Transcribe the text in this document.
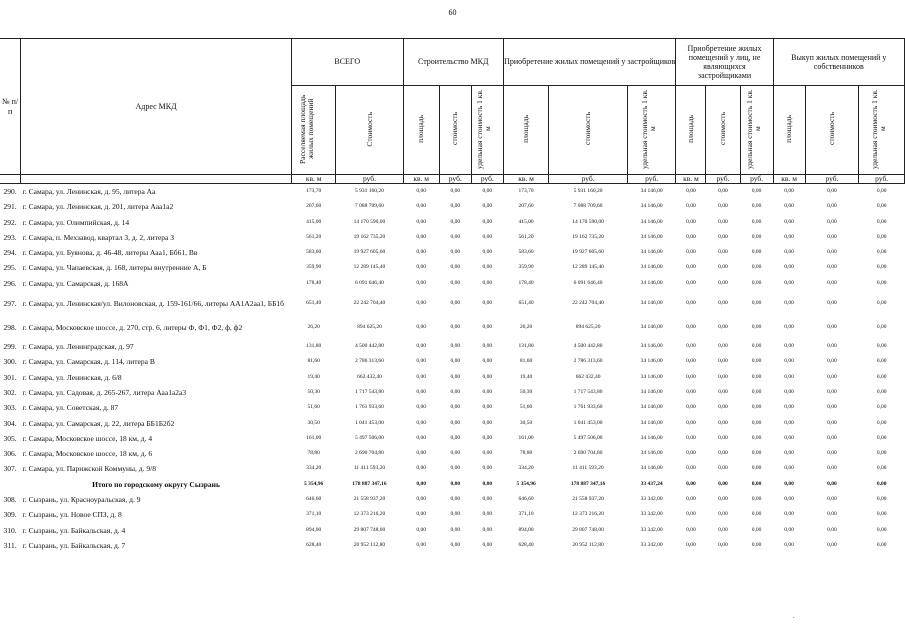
60
№ п/п	Адрес МКД	ВСЕГО		Строительство МКД			Приобретение жилых помещений у застройщиков			Приобретение жилых помещений у лиц, не являющихся застройщиками			Выкуп жилых помещений у собственников		
		Расселяемая площадь жилых помещений	Стоимость	площадь	стоимость	удельная стоимость 1 кв. м	площадь	стоимость	удельная стоимость 1 кв. м	площадь	стоимость	удельная стоимость 1 кв. м	площадь	стоимость	удельная стоимость 1 кв. м
		кв. м	руб.	кв. м	руб.	руб.	кв. м	руб.	руб.	кв. м	руб.	руб.	кв. м	руб.	руб.
290.	г. Самара, ул. Ленинская, д. 95, литера Аа	173,70	5 931 160,20	0,00	0,00	0,00	173,70	5 931 160,20	34 146,00	0,00	0,00	0,00	0,00	0,00	0,00
291.	г. Самара, ул. Ленинская, д. 201, литера Ааа1а2	207,60	7 088 709,60	0,00	0,00	0,00	207,60	7 088 709,60	34 146,00	0,00	0,00	0,00	0,00	0,00	0,00
292.	г. Самара, ул. Олимпийская, д. 14	415,00	14 170 590,00	0,00	0,00	0,00	415,00	14 170 590,00	34 146,00	0,00	0,00	0,00	0,00	0,00	0,00
293.	г. Самара, п. Мехзавод, квартал 3, д. 2, литера З	561,20	19 162 735,20	0,00	0,00	0,00	561,20	19 162 735,20	34 146,00	0,00	0,00	0,00	0,00	0,00	0,00
294.	г. Самара, ул. Буянова, д. 46-48, литеры Ааа1, Бб61, Вв	583,60	19 927 605,60	0,00	0,00	0,00	583,60	19 927 605,60	34 146,00	0,00	0,00	0,00	0,00	0,00	0,00
295.	г. Самара, ул. Чапаевская, д. 168, литеры внутренние А, Б	359,90	12 289 145,40	0,00	0,00	0,00	359,90	12 289 145,40	34 146,00	0,00	0,00	0,00	0,00	0,00	0,00
296.	г. Самара, ул. Самарская, д. 168А	178,40	6 091 646,40	0,00	0,00	0,00	178,40	6 091 646,40	34 146,00	0,00	0,00	0,00	0,00	0,00	0,00
297.	г. Самара, ул. Ленинская/ул. Вилоновская, д. 159-161/66, литеры АА1А2аа1, ББ1б	651,40	22 242 704,40	0,00	0,00	0,00	651,40	22 242 704,40	34 146,00	0,00	0,00	0,00	0,00	0,00	0,00
298.	г. Самара, Московское шоссе, д. 270, стр. 6, литеры Ф, Ф1, Ф2, ф, ф2	26,20	894 625,20	0,00	0,00	0,00	26,20	894 625,20	34 146,00	0,00	0,00	0,00	0,00	0,00	0,00
299.	г. Самара, ул. Ленинградская, д. 97	131,80	4 500 442,80	0,00	0,00	0,00	131,80	4 500 442,80	34 146,00	0,00	0,00	0,00	0,00	0,00	0,00
300.	г. Самара, ул. Самарская, д. 114, литера В	81,60	2 786 313,60	0,00	0,00	0,00	81,60	2 786 313,60	34 146,00	0,00	0,00	0,00	0,00	0,00	0,00
301.	г. Самара, ул. Ленинская, д. 6/8	19,40	662 432,40	0,00	0,00	0,00	19,40	662 432,40	34 146,00	0,00	0,00	0,00	0,00	0,00	0,00
302.	г. Самара, ул. Садовая, д. 265-267, литера Ааа1а2а3	50,30	1 717 543,80	0,00	0,00	0,00	50,30	1 717 543,80	34 146,00	0,00	0,00	0,00	0,00	0,00	0,00
303.	г. Самара, ул. Советская, д. 87	51,60	1 761 933,60	0,00	0,00	0,00	51,60	1 761 933,60	34 146,00	0,00	0,00	0,00	0,00	0,00	0,00
304.	г. Самара, ул. Самарская, д. 22, литера ББ1Б2б2	30,50	1 041 453,00	0,00	0,00	0,00	30,50	1 041 453,00	34 146,00	0,00	0,00	0,00	0,00	0,00	0,00
305.	г. Самара, Московское шоссе, 18 км, д. 4	161,00	5 497 506,00	0,00	0,00	0,00	161,00	5 497 506,00	34 146,00	0,00	0,00	0,00	0,00	0,00	0,00
306.	г. Самара, Московское шоссе, 18 км, д. 6	78,80	2 690 704,80	0,00	0,00	0,00	78,80	2 690 704,80	34 146,00	0,00	0,00	0,00	0,00	0,00	0,00
307.	г. Самара, ул. Парижской Коммуны, д. 9/8	334,20	11 411 593,20	0,00	0,00	0,00	334,20	11 411 593,20	34 146,00	0,00	0,00	0,00	0,00	0,00	0,00
	Итого по городскому округу Сызрань	5 354,96	178 887 347,16	0,00	0,00	0,00	5 354,96	178 887 347,16	33 437,24	0,00	0,00	0,00	0,00	0,00	0,00
308.	г. Сызрань, ул. Красноуральская, д. 9	646,60	21 558 937,20	0,00	0,00	0,00	646,60	21 558 937,20	33 342,00	0,00	0,00	0,00	0,00	0,00	0,00
309.	г. Сызрань, ул. Новое СПЗ, д. 8	371,10	12 373 216,20	0,00	0,00	0,00	371,10	12 373 216,20	33 342,00	0,00	0,00	0,00	0,00	0,00	0,00
310.	г. Сызрань, ул. Байкальская, д. 4	894,00	29 807 748,00	0,00	0,00	0,00	894,00	29 807 748,00	33 342,00	0,00	0,00	0,00	0,00	0,00	0,00
311.	г. Сызрань, ул. Байкальская, д. 7	628,40	20 952 112,80	0,00	0,00	0,00	628,40	20 952 112,80	33 342,00	0,00	0,00	0,00	0,00	0,00	0,00
.
